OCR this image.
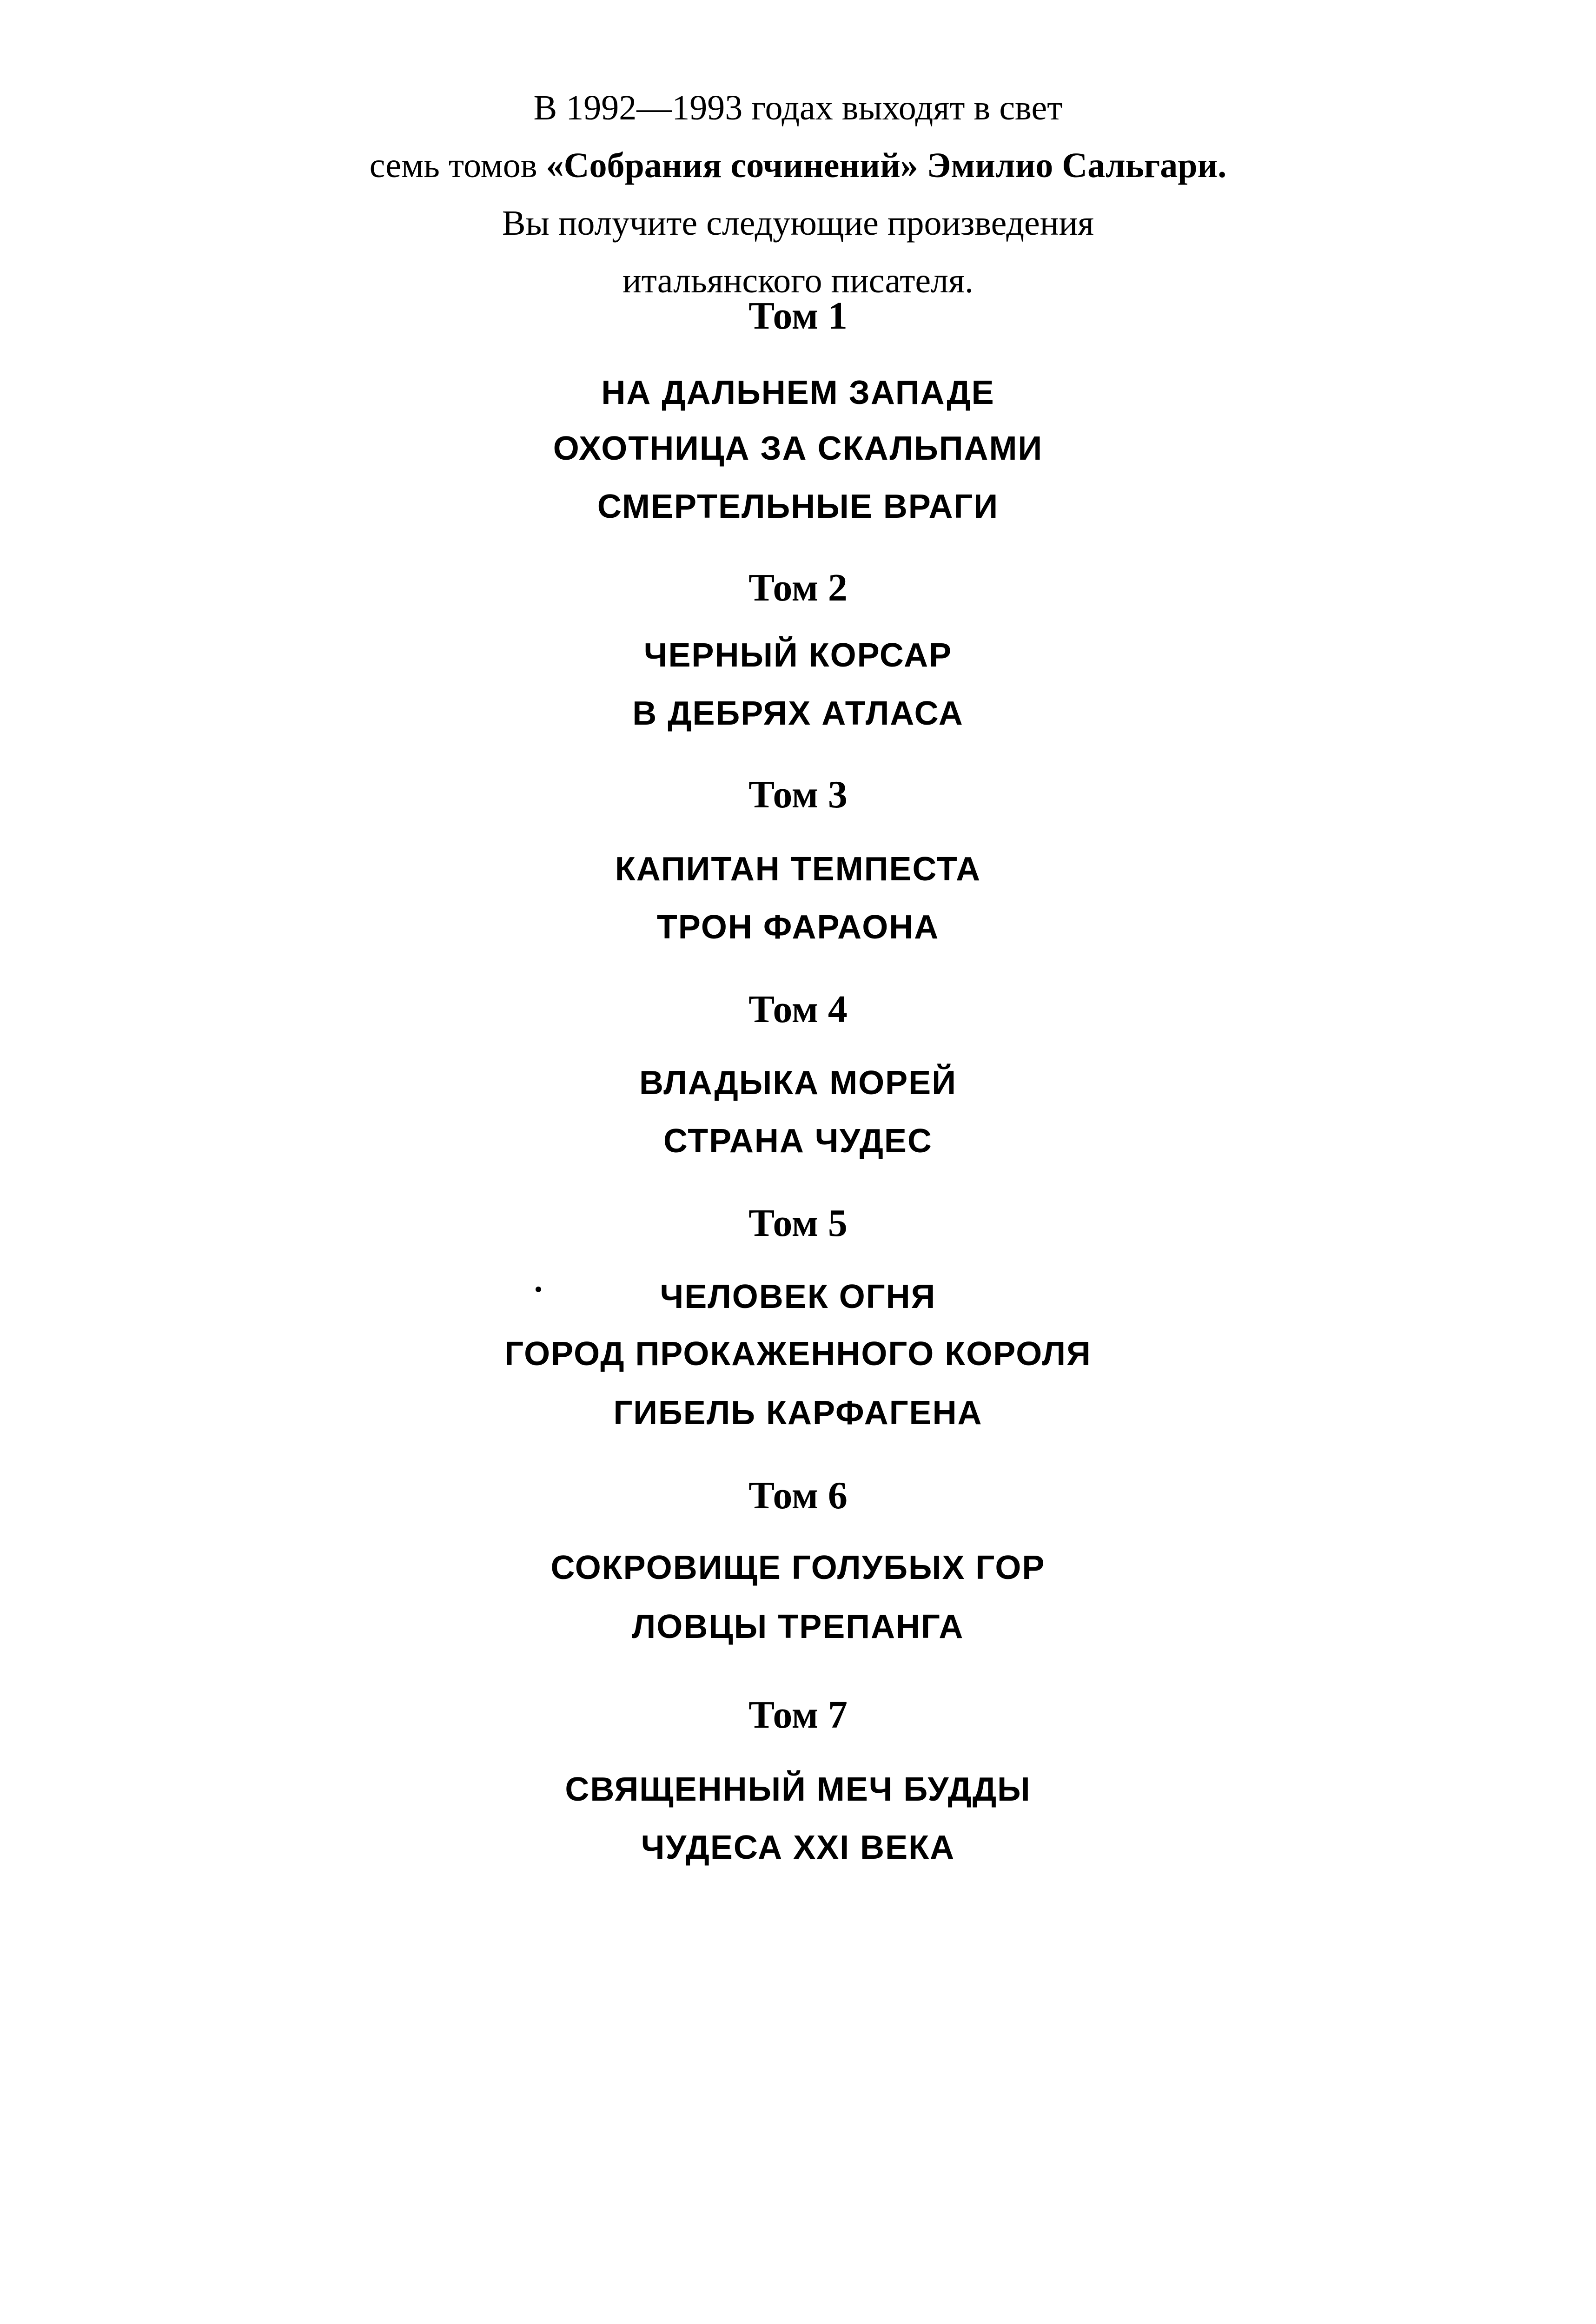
В 1992—1993 годах выходят в свет
семь томов «Собрания сочинений» Эмилио Сальгари.
Вы получите следующие произведения
итальянского писателя.
Том 1
НА ДАЛЬНЕМ ЗАПАДЕ
ОХОТНИЦА ЗА СКАЛЬПАМИ
СМЕРТЕЛЬНЫЕ ВРАГИ
Том 2
ЧЕРНЫЙ КОРСАР
В ДЕБРЯХ АТЛАСА
Том 3
КАПИТАН ТЕМПЕСТА
ТРОН ФАРАОНА
Том 4
ВЛАДЫКА МОРЕЙ
СТРАНА ЧУДЕС
Том 5
ЧЕЛОВЕК ОГНЯ
ГОРОД ПРОКАЖЕННОГО КОРОЛЯ
ГИБЕЛЬ КАРФАГЕНА
Том 6
СОКРОВИЩЕ ГОЛУБЫХ ГОР
ЛОВЦЫ ТРЕПАНГА
Том 7
СВЯЩЕННЫЙ МЕЧ БУДДЫ
ЧУДЕСА XXI ВЕКА
